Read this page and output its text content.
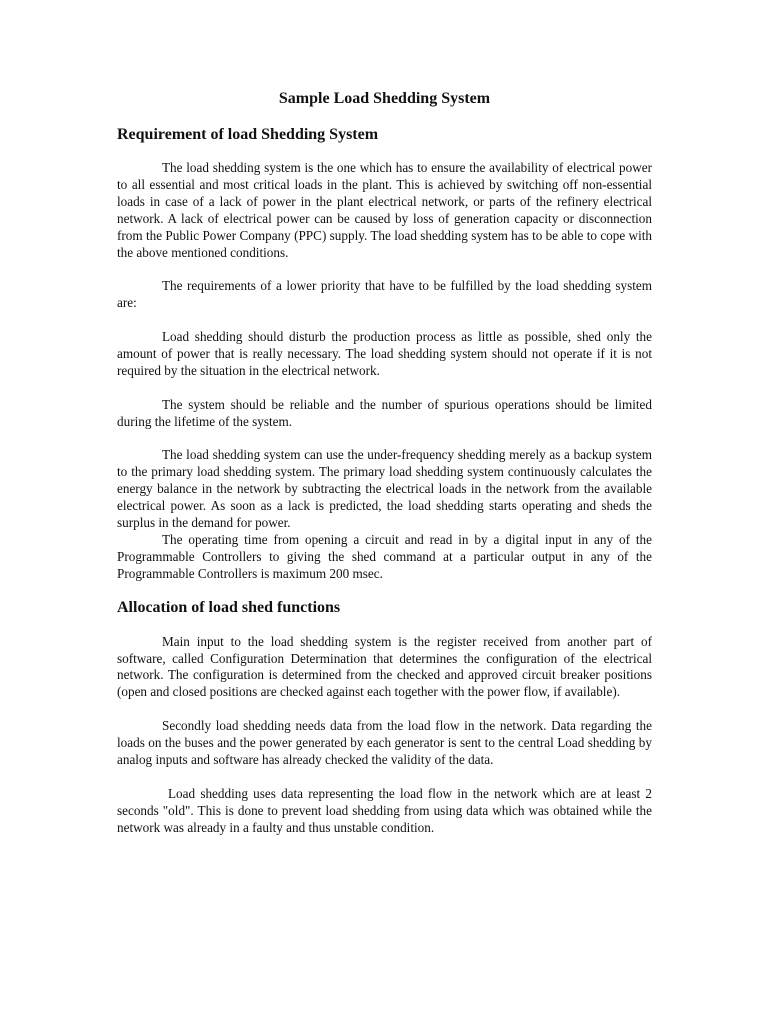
Sample Load Shedding System
Requirement of load Shedding System

The load shedding system is the one which has to ensure the availability of electrical power to all essential and most critical loads in the plant. This is achieved by switching off non-essential loads in case of a lack of power in the plant electrical network, or parts of the refinery electrical network. A lack of electrical power can be caused by loss of generation capacity or disconnection from the Public Power Company (PPC) supply. The load shedding system has to be able to cope with the above mentioned conditions.

The requirements of a lower priority that have to be fulfilled by the load shedding system are:

Load shedding should disturb the production process as little as possible, shed only the amount of power that is really necessary. The load shedding system should not operate if it is not required by the situation in the electrical network.

The system should be reliable and the number of spurious operations should be limited during the lifetime of the system.

The load shedding system can use the under-frequency shedding merely as a backup system to the primary load shedding system. The primary load shedding system continuously calculates the energy balance in the network by subtracting the electrical loads in the network from the available electrical power. As soon as a lack is predicted, the load shedding starts operating and sheds the surplus in the demand for power.

The operating time from opening a circuit and read in by a digital input in any of the Programmable Controllers to giving the shed command at a particular output in any of the Programmable Controllers is maximum 200 msec.

Allocation of load shed functions

Main input to the load shedding system is the register received from another part of software, called Configuration Determination that determines the configuration of the electrical network. The configuration is determined from the checked and approved circuit breaker positions (open and closed positions are checked against each together with the power flow, if available).

Secondly load shedding needs data from the load flow in the network. Data regarding the loads on the buses and the power generated by each generator is sent to the central Load shedding by analog inputs and software has already checked the validity of the data.

Load shedding uses data representing the load flow in the network which are at least 2 seconds "old". This is done to prevent load shedding from using data which was obtained while the network was already in a faulty and thus unstable condition.
